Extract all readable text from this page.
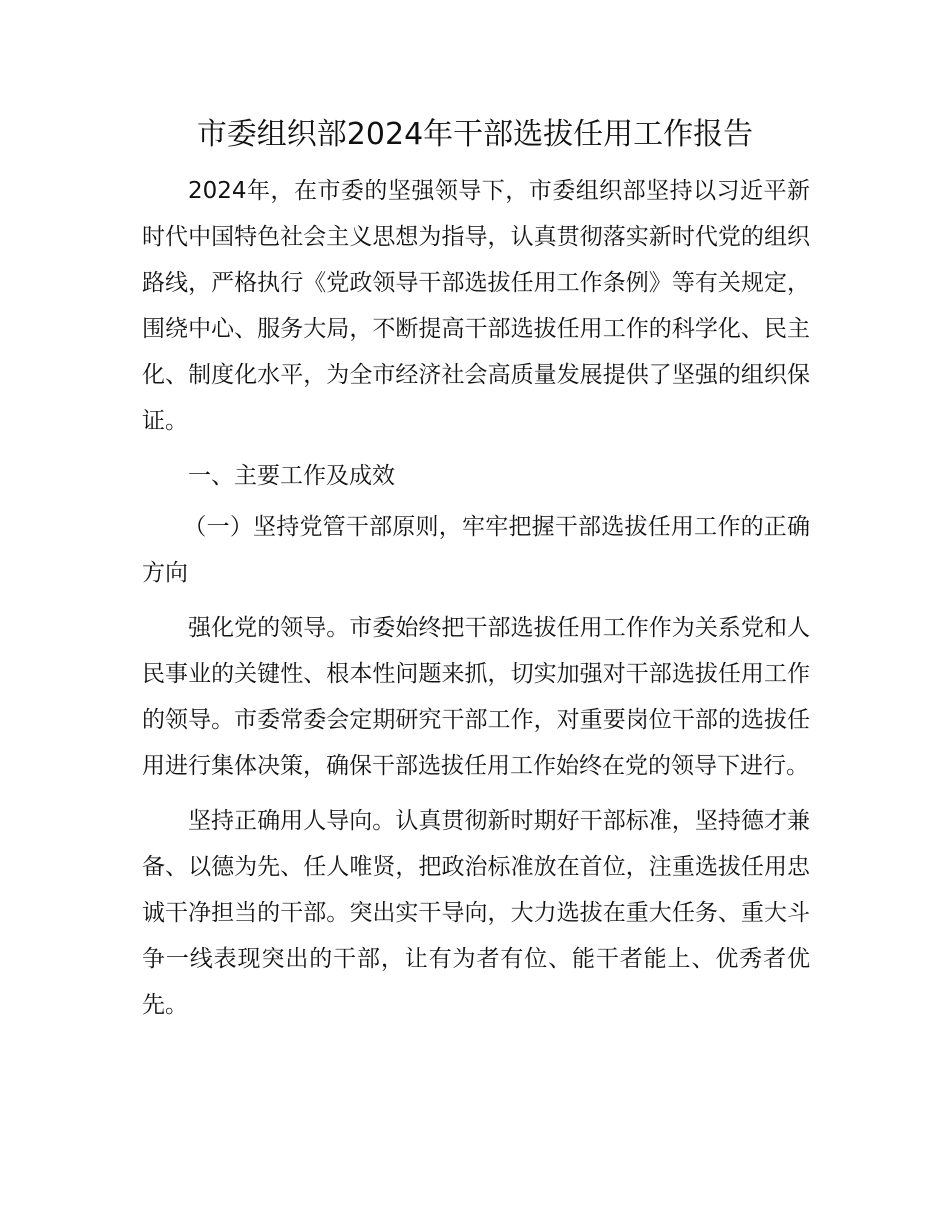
市委组织部2024年干部选拔任用工作报告

2024年，在市委的坚强领导下，市委组织部坚持以习近平新时代中国特色社会主义思想为指导，认真贯彻落实新时代党的组织路线，严格执行《党政领导干部选拔任用工作条例》等有关规定，围绕中心、服务大局，不断提高干部选拔任用工作的科学化、民主化、制度化水平，为全市经济社会高质量发展提供了坚强的组织保证。

一、主要工作及成效

（一）坚持党管干部原则，牢牢把握干部选拔任用工作的正确方向

强化党的领导。市委始终把干部选拔任用工作作为关系党和人民事业的关键性、根本性问题来抓，切实加强对干部选拔任用工作的领导。市委常委会定期研究干部工作，对重要岗位干部的选拔任用进行集体决策，确保干部选拔任用工作始终在党的领导下进行。

坚持正确用人导向。认真贯彻新时期好干部标准，坚持德才兼备、以德为先、任人唯贤，把政治标准放在首位，注重选拔任用忠诚干净担当的干部。突出实干导向，大力选拔在重大任务、重大斗争一线表现突出的干部，让有为者有位、能干者能上、优秀者优先。
